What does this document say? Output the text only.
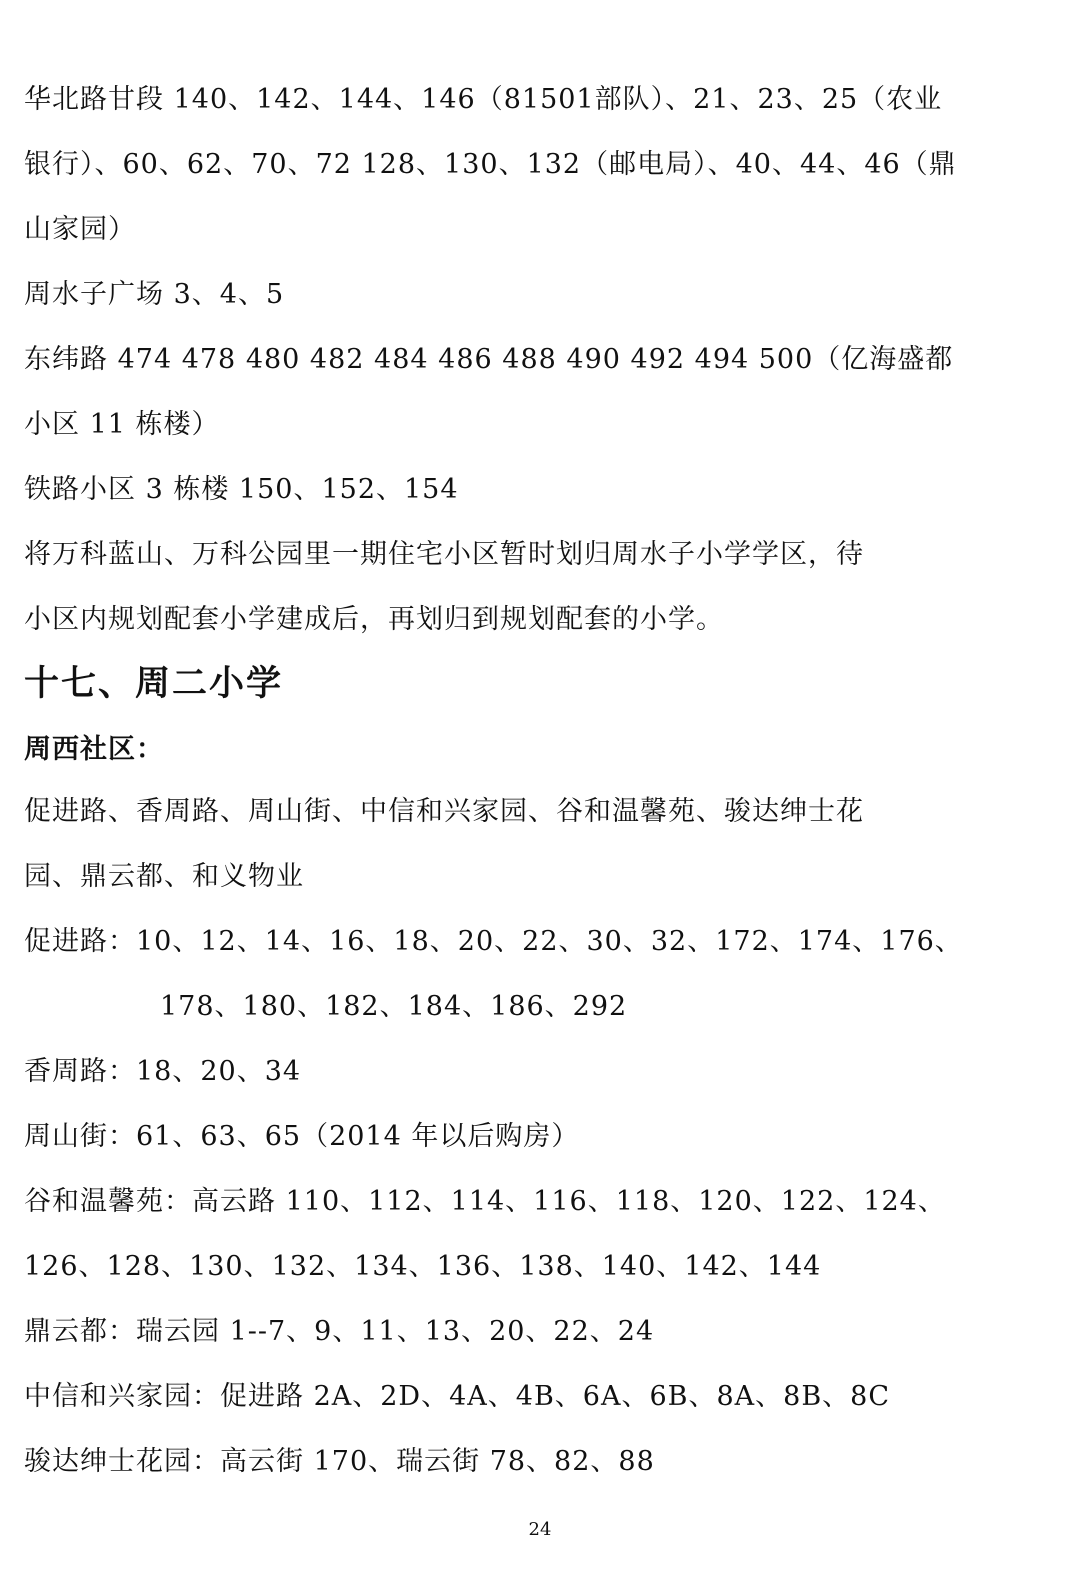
华北路甘段 140、142、144、146（81501部队）、21、23、25（农业
银行）、60、62、70、72 128、130、132（邮电局）、40、44、46（鼎
山家园）
周水子广场 3、4、5
东纬路 474 478 480 482 484 486 488 490 492 494 500（亿海盛都
小区 11 栋楼）
铁路小区 3 栋楼 150、152、154
将万科蓝山、万科公园里一期住宅小区暂时划归周水子小学学区，待
小区内规划配套小学建成后，再划归到规划配套的小学。
十七、周二小学
周西社区：
促进路、香周路、周山街、中信和兴家园、谷和温馨苑、骏达绅士花
园、鼎云都、和义物业
促进路：10、12、14、16、18、20、22、30、32、172、174、176、
178、180、182、184、186、292
香周路：18、20、34
周山街：61、63、65（2014 年以后购房）
谷和温馨苑：高云路 110、112、114、116、118、120、122、124、
126、128、130、132、134、136、138、140、142、144
鼎云都：瑞云园 1--7、9、11、13、20、22、24
中信和兴家园：促进路 2A、2D、4A、4B、6A、6B、8A、8B、8C
骏达绅士花园：高云街 170、瑞云街 78、82、88
24
